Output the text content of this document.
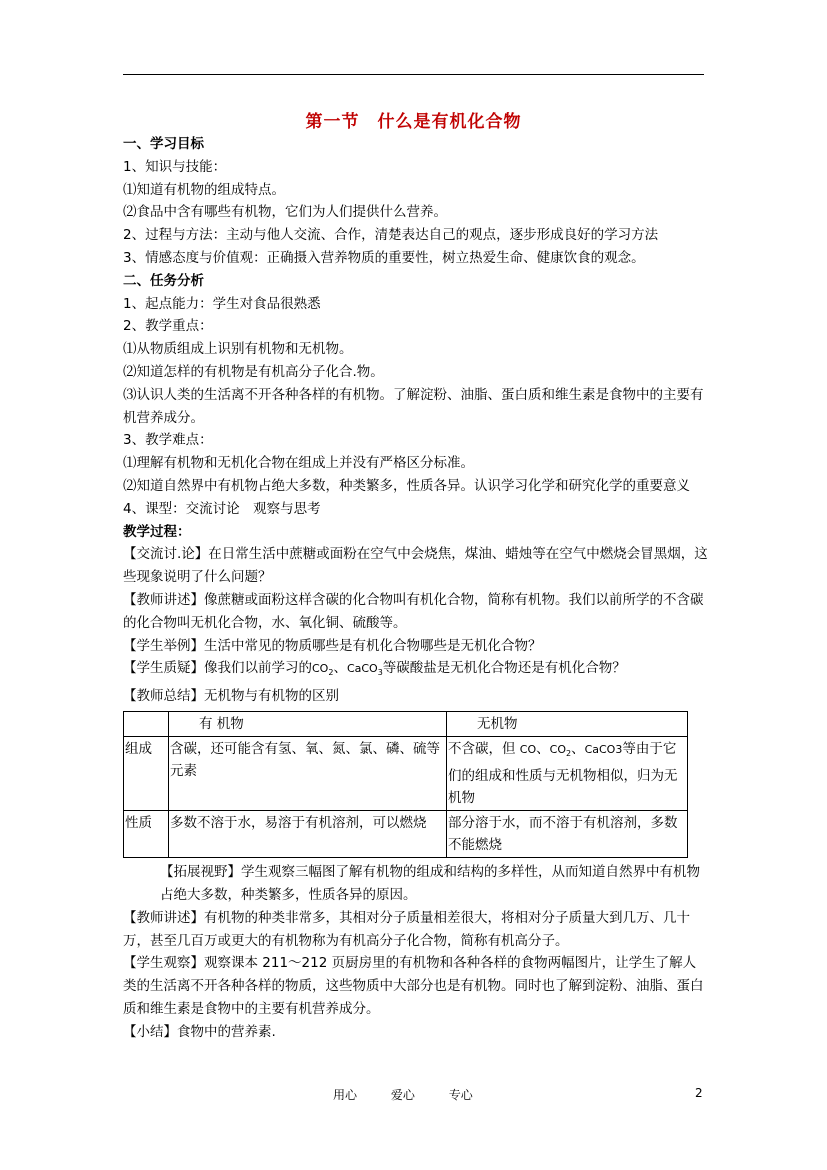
第一节　什么是有机化合物

一、学习目标

1、知识与技能：

⑴知道有机物的组成特点。

⑵食品中含有哪些有机物，它们为人们提供什么营养。

2、过程与方法：主动与他人交流、合作，清楚表达自己的观点，逐步形成良好的学习方法

3、情感态度与价值观：正确摄入营养物质的重要性，树立热爱生命、健康饮食的观念。

二、任务分析

1、起点能力：学生对食品很熟悉

2、教学重点：

⑴从物质组成上识别有机物和无机物。

⑵知道怎样的有机物是有机高分子化合.物。

⑶认识人类的生活离不开各种各样的有机物。了解淀粉、油脂、蛋白质和维生素是食物中的主要有机营养成分。

3、教学难点：

⑴理解有机物和无机化合物在组成上并没有严格区分标准。

⑵知道自然界中有机物占绝大多数，种类繁多，性质各异。认识学习化学和研究化学的重要意义

4、课型：交流讨论　观察与思考

教学过程：

【交流讨.论】在日常生活中蔗糖或面粉在空气中会烧焦，煤油、蜡烛等在空气中燃烧会冒黑烟，这些现象说明了什么问题？

【教师讲述】像蔗糖或面粉这样含碳的化合物叫有机化合物，简称有机物。我们以前所学的不含碳的化合物叫无机化合物，水、氧化铜、硫酸等。

【学生举例】生活中常见的物质哪些是有机化合物哪些是无机化合物？

【学生质疑】像我们以前学习的$CO_2$、CaCO$_3$等碳酸盐是无机化合物还是有机化合物？

【教师总结】无机物与有机物的区别

	有 机物	无机物
组成	含碳，还可能含有氢、氧、氮、氯、磷、硫等元素	不含碳，但 CO、$CO_2$、CaCO3等由于它们的组成和性质与无机物相似，归为无机物
性质	多数不溶于水，易溶于有机溶剂，可以燃烧	部分溶于水，而不溶于有机溶剂，多数不能燃烧

【拓展视野】学生观察三幅图了解有机物的组成和结构的多样性，从而知道自然界中有机物占绝大多数，种类繁多，性质各异的原因。

【教师讲述】有机物的种类非常多，其相对分子质量相差很大，将相对分子质量大到几万、几十万，甚至几百万或更大的有机物称为有机高分子化合物，简称有机高分子。

【学生观察】观察课本 211～212 页厨房里的有机物和各种各样的食物两幅图片，让学生了解人类的生活离不开各种各样的物质，这些物质中大部分也是有机物。同时也了解到淀粉、油脂、蛋白质和维生素是食物中的主要有机营养成分。

【小结】食物中的营养素.

用心	爱心	专心	2
